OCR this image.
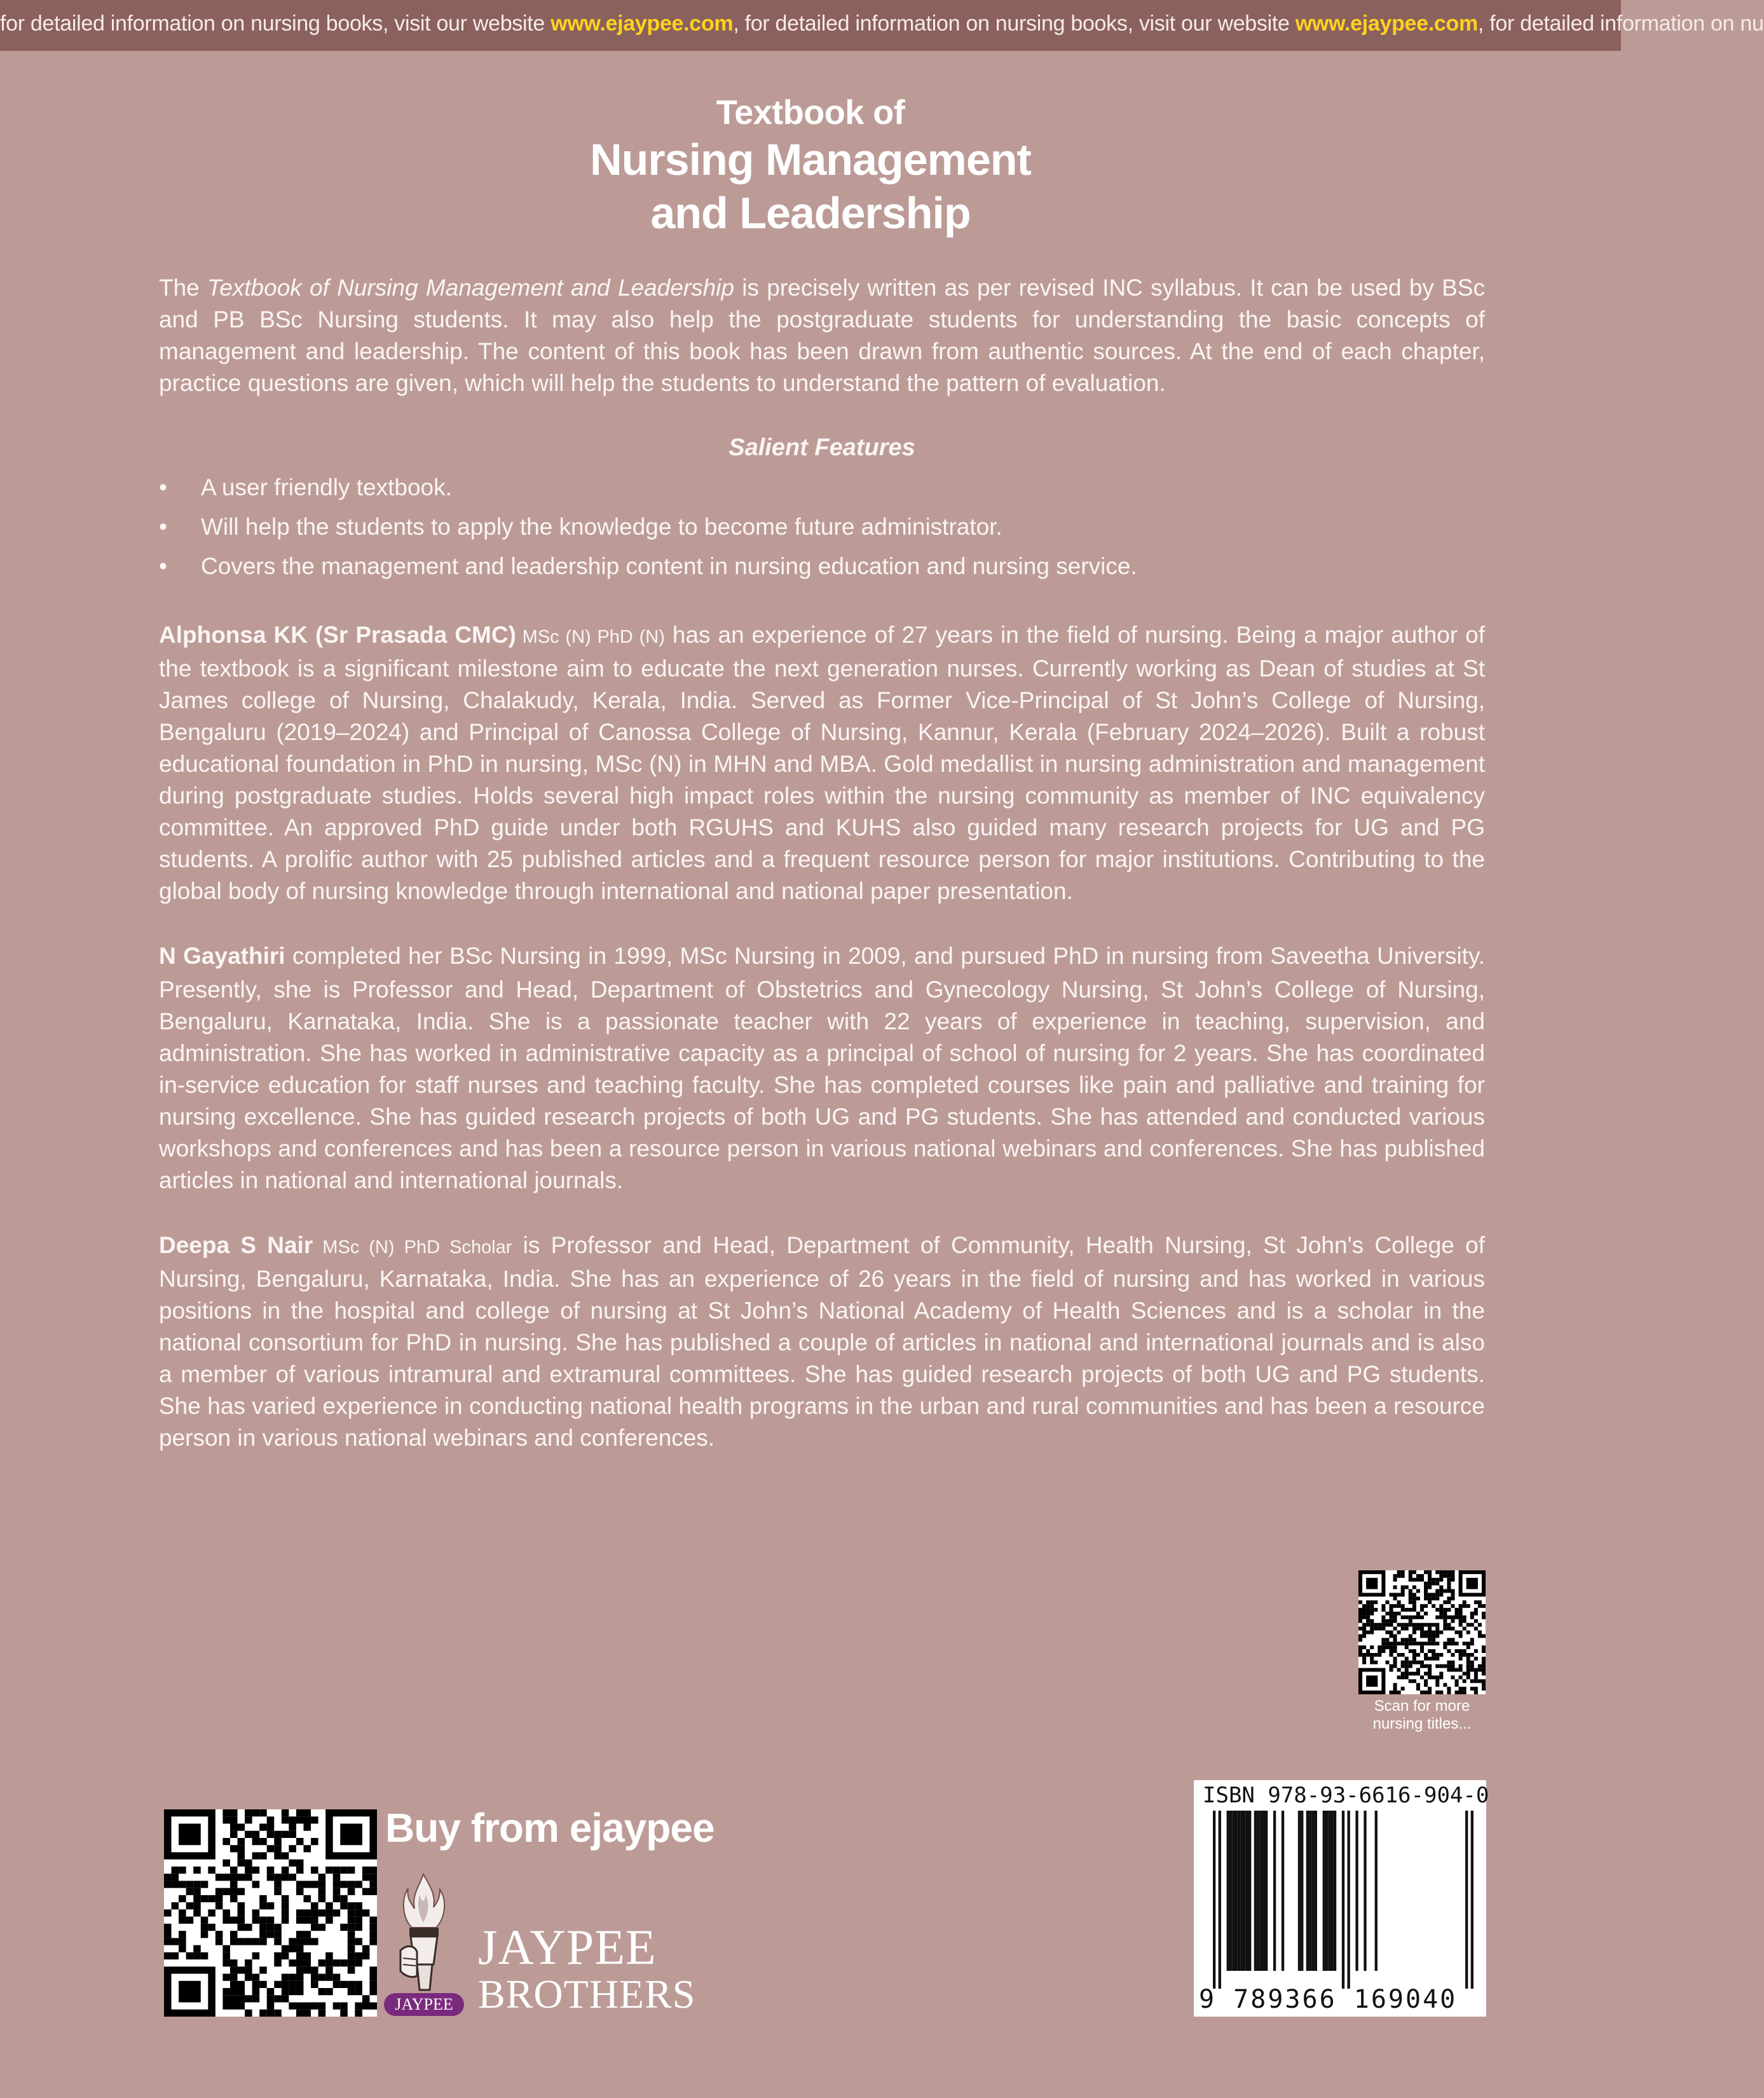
for detailed information on nursing books, visit our website www.ejaypee.com, for detailed information on nursing books, visit our website www.ejaypee.com, for detailed information on nu
Textbook of
Nursing Management
and Leadership

The Textbook of Nursing Management and Leadership is precisely written as per revised INC syllabus. It can be used by BSc and PB BSc Nursing students. It may also help the postgraduate students for understanding the basic concepts of management and leadership. The content of this book has been drawn from authentic sources. At the end of each chapter, practice questions are given, which will help the students to understand the pattern of evaluation.

Salient Features
• A user friendly textbook.
• Will help the students to apply the knowledge to become future administrator.
• Covers the management and leadership content in nursing education and nursing service.

Alphonsa KK (Sr Prasada CMC) MSc (N) PhD (N) has an experience of 27 years in the field of nursing. Being a major author of the textbook is a significant milestone aim to educate the next generation nurses. Currently working as Dean of studies at St James college of Nursing, Chalakudy, Kerala, India. Served as Former Vice-Principal of St John’s College of Nursing, Bengaluru (2019–2024) and Principal of Canossa College of Nursing, Kannur, Kerala (February 2024–2026). Built a robust educational foundation in PhD in nursing, MSc (N) in MHN and MBA. Gold medallist in nursing administration and management during postgraduate studies. Holds several high impact roles within the nursing community as member of INC equivalency committee. An approved PhD guide under both RGUHS and KUHS also guided many research projects for UG and PG students. A prolific author with 25 published articles and a frequent resource person for major institutions. Contributing to the global body of nursing knowledge through international and national paper presentation.

N Gayathiri completed her BSc Nursing in 1999, MSc Nursing in 2009, and pursued PhD in nursing from Saveetha University. Presently, she is Professor and Head, Department of Obstetrics and Gynecology Nursing, St John’s College of Nursing, Bengaluru, Karnataka, India. She is a passionate teacher with 22 years of experience in teaching, supervision, and administration. She has worked in administrative capacity as a principal of school of nursing for 2 years. She has coordinated in-service education for staff nurses and teaching faculty. She has completed courses like pain and palliative and training for nursing excellence. She has guided research projects of both UG and PG students. She has attended and conducted various workshops and conferences and has been a resource person in various national webinars and conferences. She has published articles in national and international journals.

Deepa S Nair MSc (N) PhD Scholar is Professor and Head, Department of Community, Health Nursing, St John's College of Nursing, Bengaluru, Karnataka, India. She has an experience of 26 years in the field of nursing and has worked in various positions in the hospital and college of nursing at St John’s National Academy of Health Sciences and is a scholar in the national consortium for PhD in nursing. She has published a couple of articles in national and international journals and is also a member of various intramural and extramural committees. She has guided research projects of both UG and PG students. She has varied experience in conducting national health programs in the urban and rural communities and has been a resource person in various national webinars and conferences.

Scan for more
nursing titles...
Buy from ejaypee
JAYPEE
JAYPEE
BROTHERS
ISBN 978-93-6616-904-0
9 789366 169040
